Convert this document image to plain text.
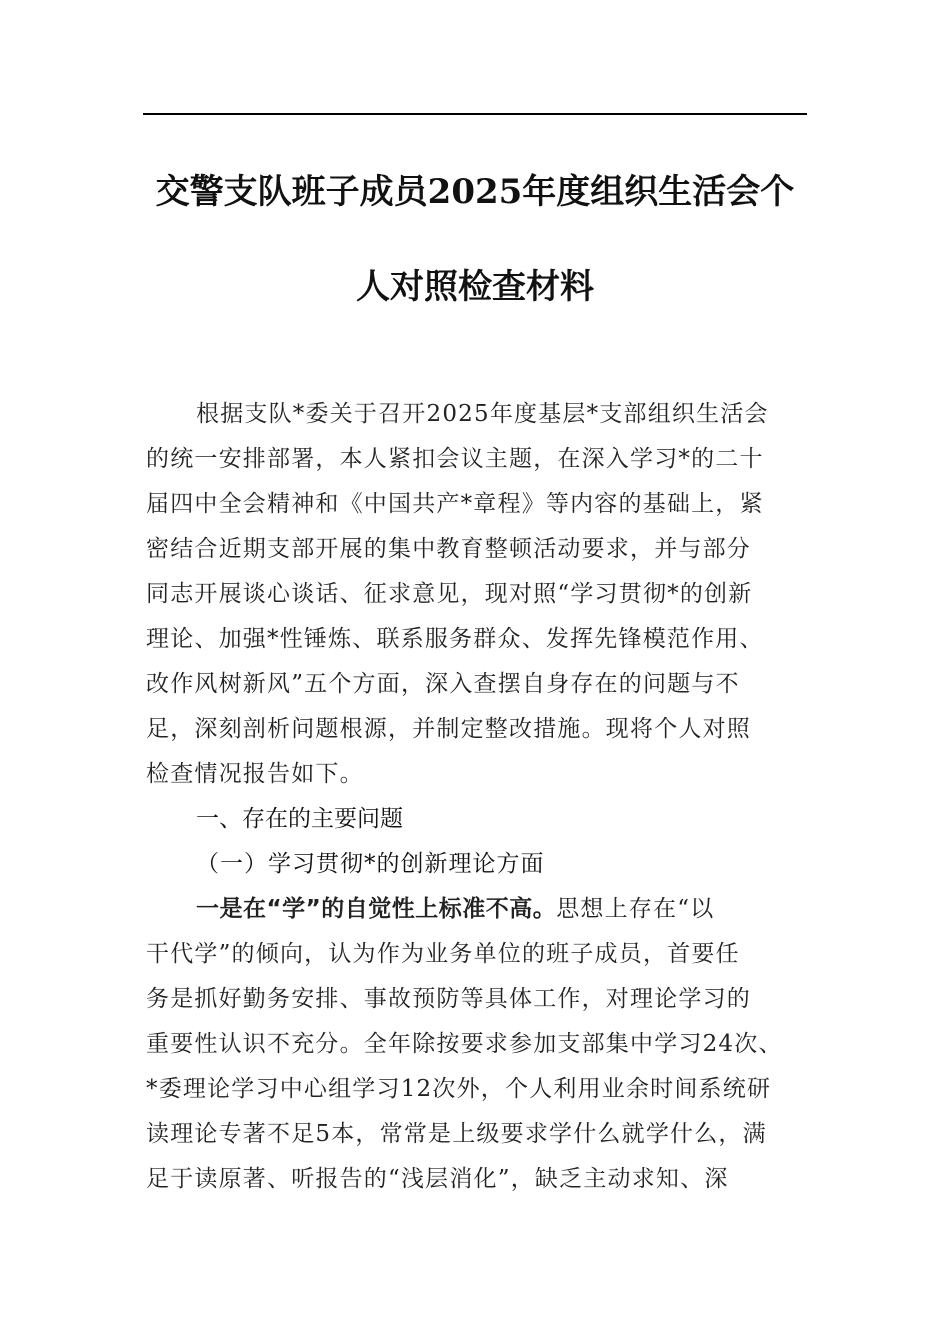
交警支队班子成员2025年度组织生活会个
人对照检查材料
根据支队*委关于召开2025年度基层*支部组织生活会
的统一安排部署，本人紧扣会议主题，在深入学习*的二十
届四中全会精神和《中国共产*章程》等内容的基础上，紧
密结合近期支部开展的集中教育整顿活动要求，并与部分
同志开展谈心谈话、征求意见，现对照“学习贯彻*的创新
理论、加强*性锤炼、联系服务群众、发挥先锋模范作用、
改作风树新风”五个方面，深入查摆自身存在的问题与不
足，深刻剖析问题根源，并制定整改措施。现将个人对照
检查情况报告如下。
一、存在的主要问题
（一）学习贯彻*的创新理论方面
一是在“学”的自觉性上标准不高。思想上存在“以
干代学”的倾向，认为作为业务单位的班子成员，首要任
务是抓好勤务安排、事故预防等具体工作，对理论学习的
重要性认识不充分。全年除按要求参加支部集中学习24次、
*委理论学习中心组学习12次外，个人利用业余时间系统研
读理论专著不足5本，常常是上级要求学什么就学什么，满
足于读原著、听报告的“浅层消化”，缺乏主动求知、深
